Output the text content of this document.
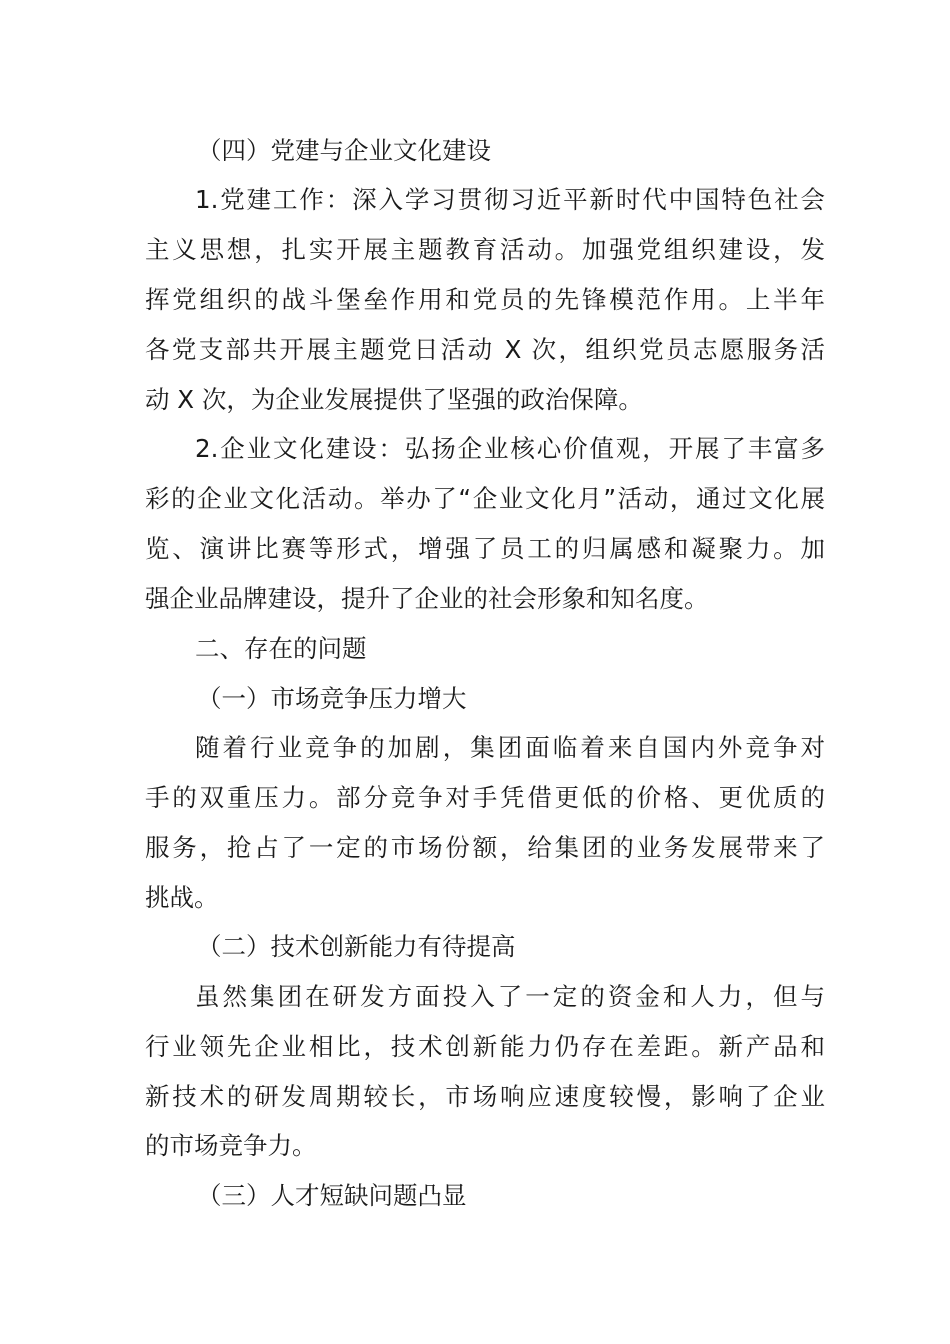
（四）党建与企业文化建设
1.党建工作：深入学习贯彻习近平新时代中国特色社会
主义思想，扎实开展主题教育活动。加强党组织建设，发
挥党组织的战斗堡垒作用和党员的先锋模范作用。上半年
各党支部共开展主题党日活动 X 次，组织党员志愿服务活
动 X 次，为企业发展提供了坚强的政治保障。
2.企业文化建设：弘扬企业核心价值观，开展了丰富多
彩的企业文化活动。举办了“企业文化月”活动，通过文化展
览、演讲比赛等形式，增强了员工的归属感和凝聚力。加
强企业品牌建设，提升了企业的社会形象和知名度。
二、存在的问题
（一）市场竞争压力增大
随着行业竞争的加剧，集团面临着来自国内外竞争对
手的双重压力。部分竞争对手凭借更低的价格、更优质的
服务，抢占了一定的市场份额，给集团的业务发展带来了
挑战。
（二）技术创新能力有待提高
虽然集团在研发方面投入了一定的资金和人力，但与
行业领先企业相比，技术创新能力仍存在差距。新产品和
新技术的研发周期较长，市场响应速度较慢，影响了企业
的市场竞争力。
（三）人才短缺问题凸显
